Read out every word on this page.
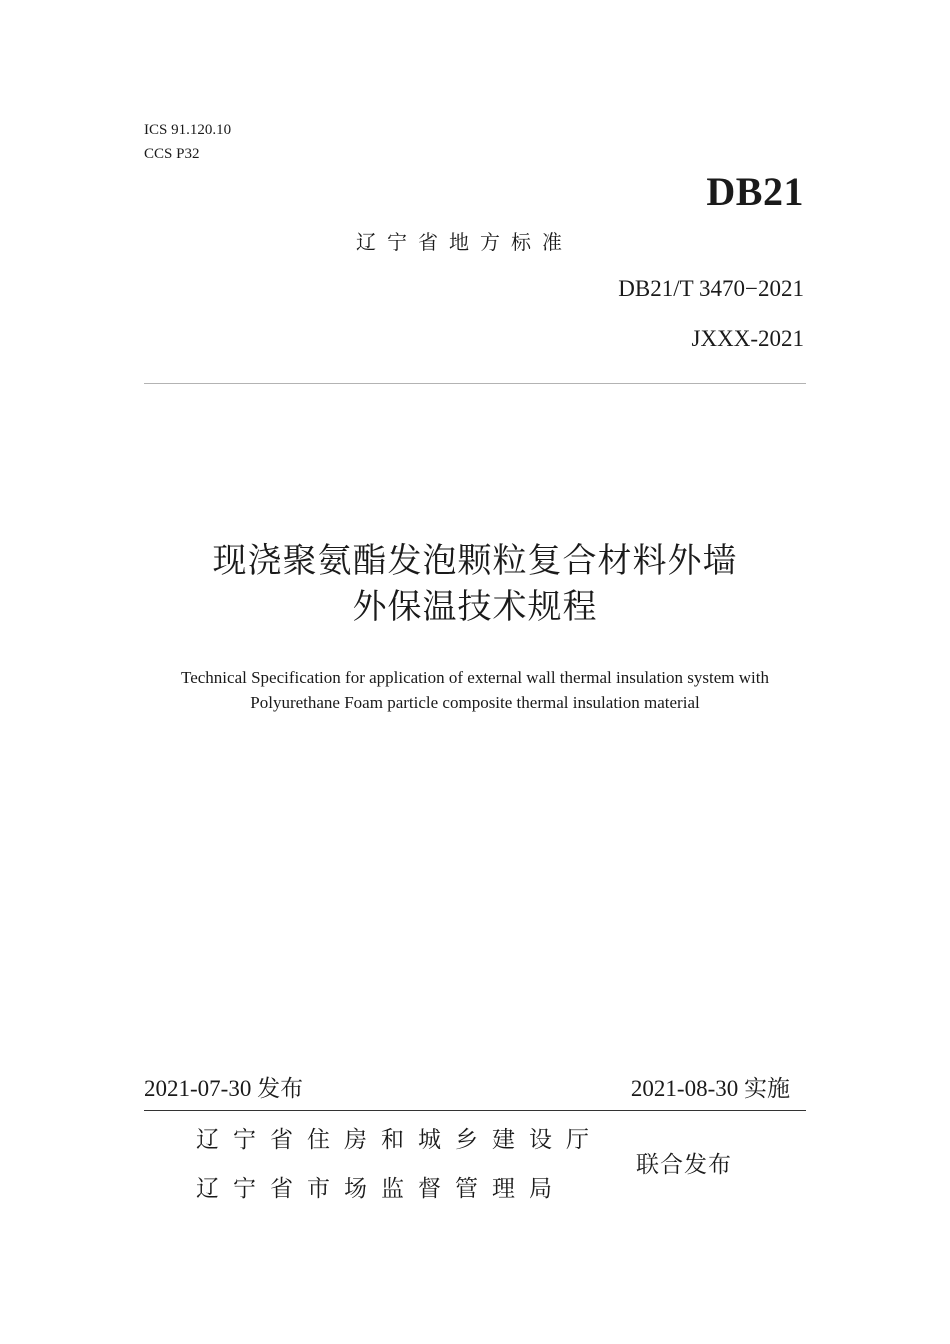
ICS 91.120.10
CCS P32
DB21
辽宁省地方标准
DB21/T 3470−2021
JXXX-2021
现浇聚氨酯发泡颗粒复合材料外墙
外保温技术规程
Technical Specification for application of external wall thermal insulation system with
Polyurethane Foam particle composite thermal insulation material
2021-07-30 发布	2021-08-30 实施
辽宁省住房和城乡建设厅
辽宁省市场监督管理局
联合发布
